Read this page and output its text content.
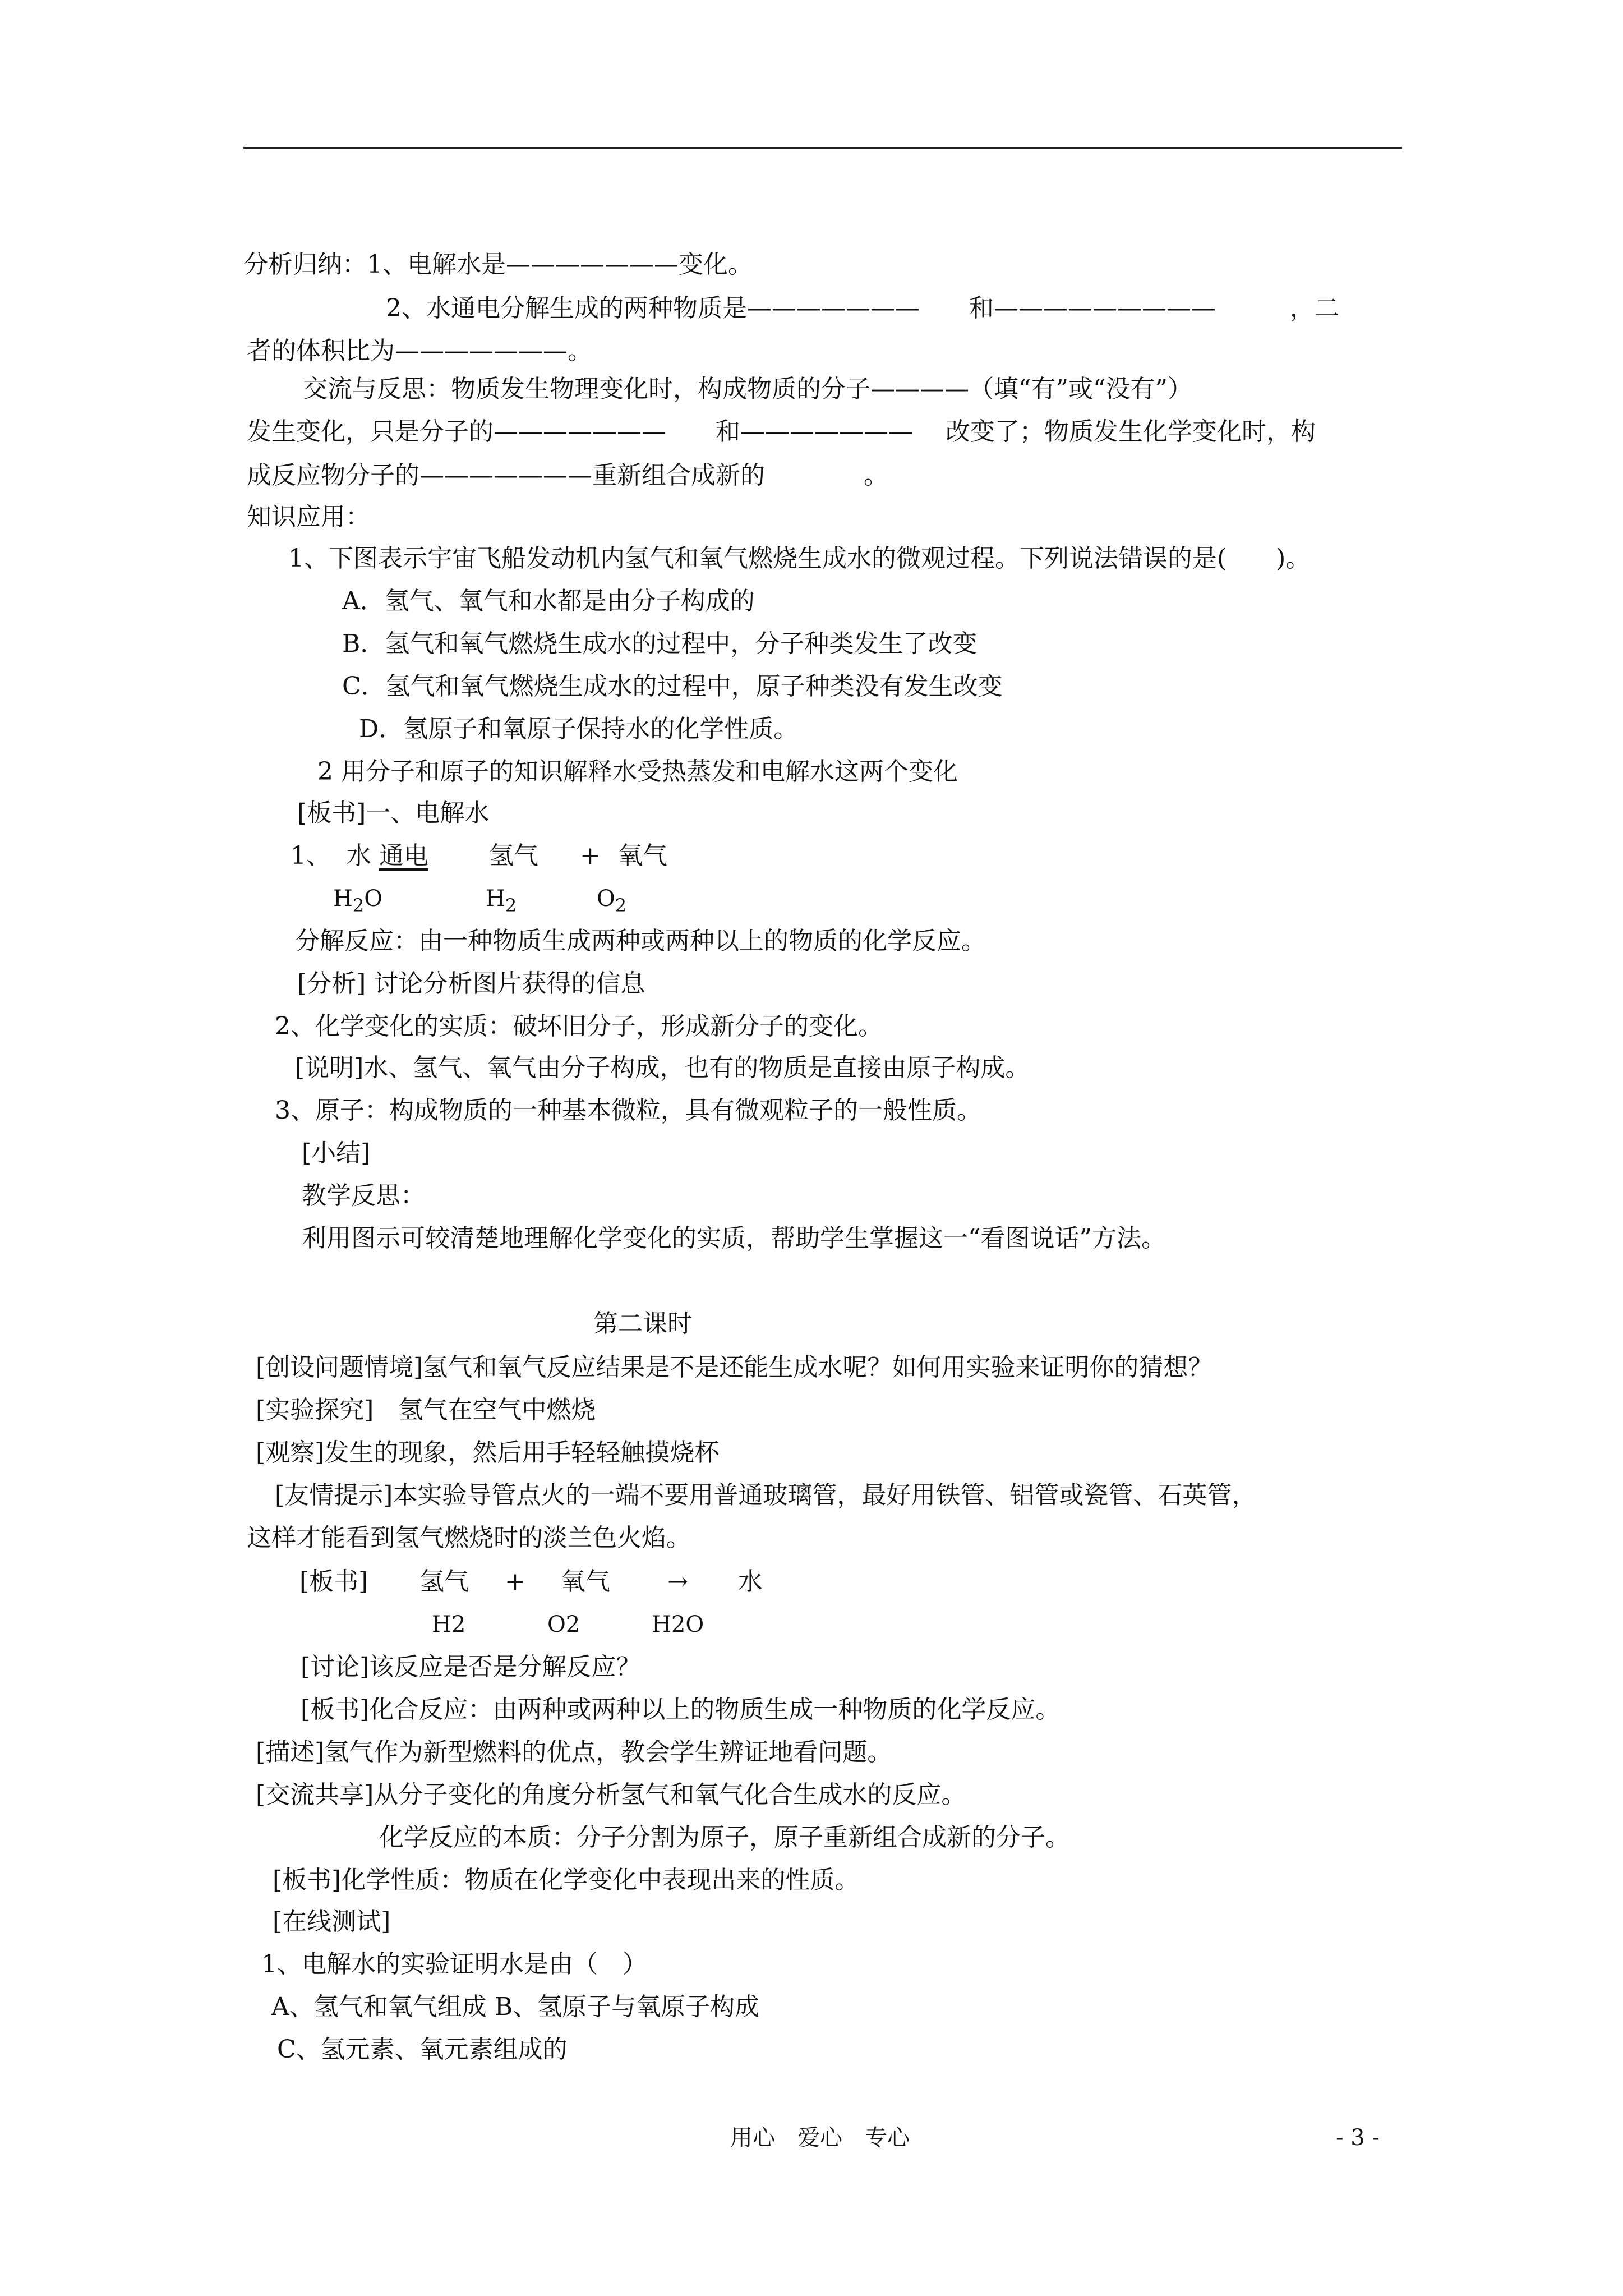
分析归纳：1、电解水是———————变化。
2、水通电分解生成的两种物质是———————　　和—————————　　　，二
者的体积比为———————。
交流与反思：物质发生物理变化时，构成物质的分子————（填“有”或“没有”）
发生变化，只是分子的———————　　和———————　 改变了；物质发生化学变化时，构
成反应物分子的———————重新组合成新的　　　　。
知识应用：
1、下图表示宇宙飞船发动机内氢气和氧气燃烧生成水的微观过程。下列说法错误的是(　　)。
A．氢气、氧气和水都是由分子构成的
B．氢气和氧气燃烧生成水的过程中，分子种类发生了改变
C．氢气和氧气燃烧生成水的过程中，原子种类没有发生改变
D．氢原子和氧原子保持水的化学性质。
2 用分子和原子的知识解释水受热蒸发和电解水这两个变化
[板书]一、电解水
1、 水 通电	氢气 + 氧气
$H_2O$	$H_2$	$O_2$
分解反应：由一种物质生成两种或两种以上的物质的化学反应。
[分析] 讨论分析图片获得的信息
2、化学变化的实质：破坏旧分子，形成新分子的变化。
[说明]水、氢气、氧气由分子构成，也有的物质是直接由原子构成。
3、原子：构成物质的一种基本微粒，具有微观粒子的一般性质。
[小结]
教学反思：
利用图示可较清楚地理解化学变化的实质，帮助学生掌握这一“看图说话”方法。
第二课时
[创设问题情境]氢气和氧气反应结果是不是还能生成水呢？如何用实验来证明你的猜想？
[实验探究]　氢气在空气中燃烧
[观察]发生的现象，然后用手轻轻触摸烧杯
[友情提示]本实验导管点火的一端不要用普通玻璃管，最好用铁管、铝管或瓷管、石英管，
这样才能看到氢气燃烧时的淡兰色火焰。
[板书] 氢气 + 氧气 → 水
H2	O2	H2O
[讨论]该反应是否是分解反应？
[板书]化合反应：由两种或两种以上的物质生成一种物质的化学反应。
[描述]氢气作为新型燃料的优点，教会学生辨证地看问题。
[交流共享]从分子变化的角度分析氢气和氧气化合生成水的反应。
化学反应的本质：分子分割为原子，原子重新组合成新的分子。
[板书]化学性质：物质在化学变化中表现出来的性质。
[在线测试]
1、电解水的实验证明水是由（　）
A、氢气和氧气组成 B、氢原子与氧原子构成
C、氢元素、氧元素组成的
用心　爱心　专心	- 3 -
